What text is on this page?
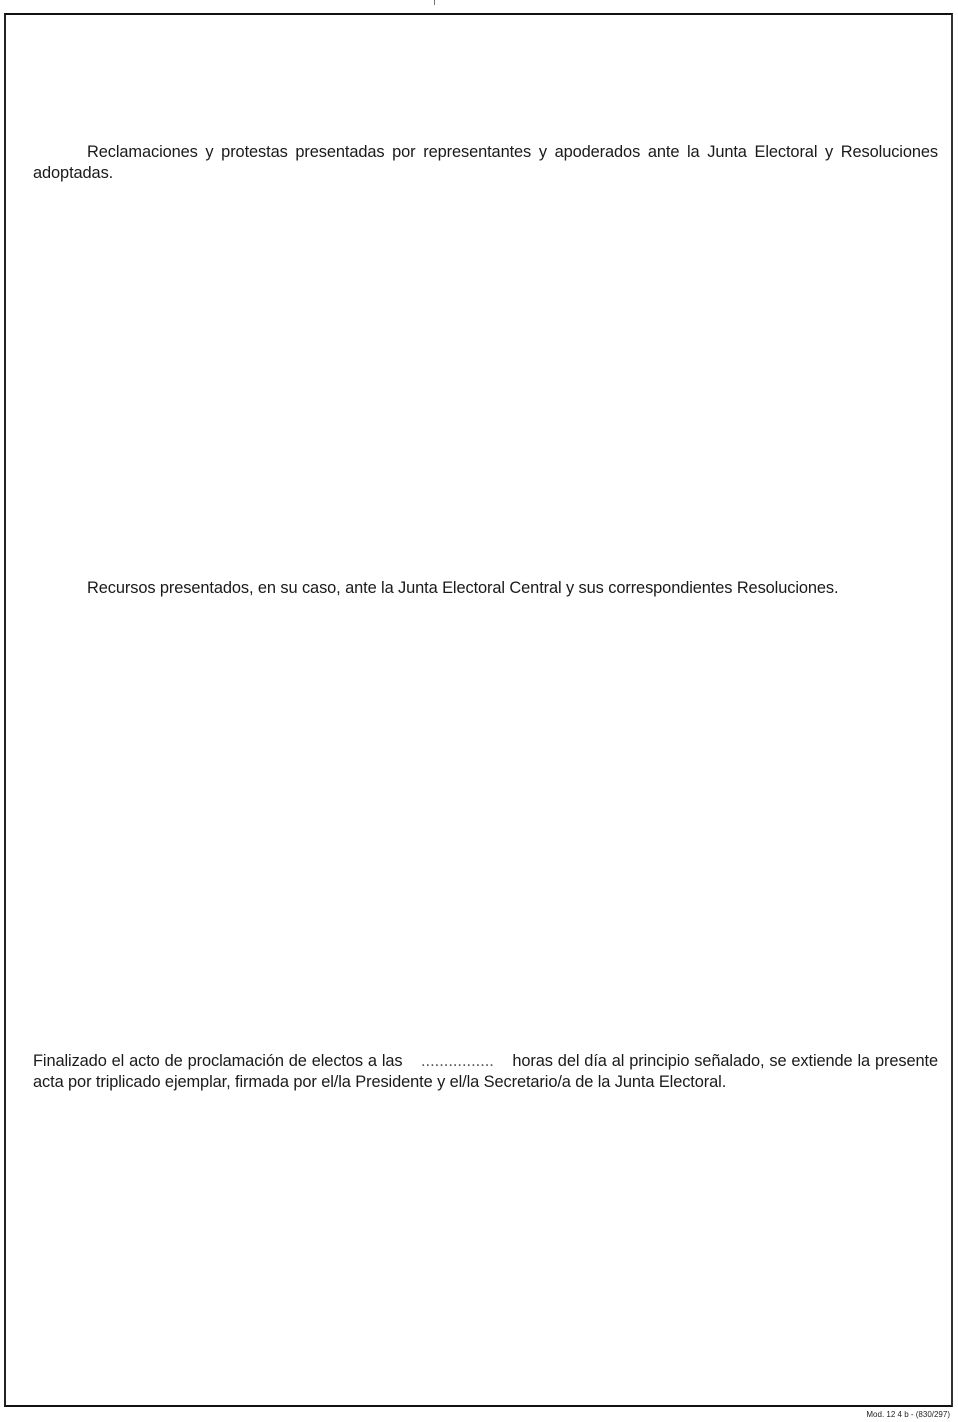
Reclamaciones y protestas presentadas por representantes y apoderados ante la Junta Electoral y Resoluciones adoptadas.
Recursos presentados, en su caso, ante la Junta Electoral Central y sus correspondientes Resoluciones.
Finalizado el acto de proclamación de electos a las ................ horas del día al principio señalado, se extiende la presente acta por triplicado ejemplar, firmada por el/la Presidente y el/la Secretario/a de la Junta Electoral.
Mod. 12 4 b - (830/297)
